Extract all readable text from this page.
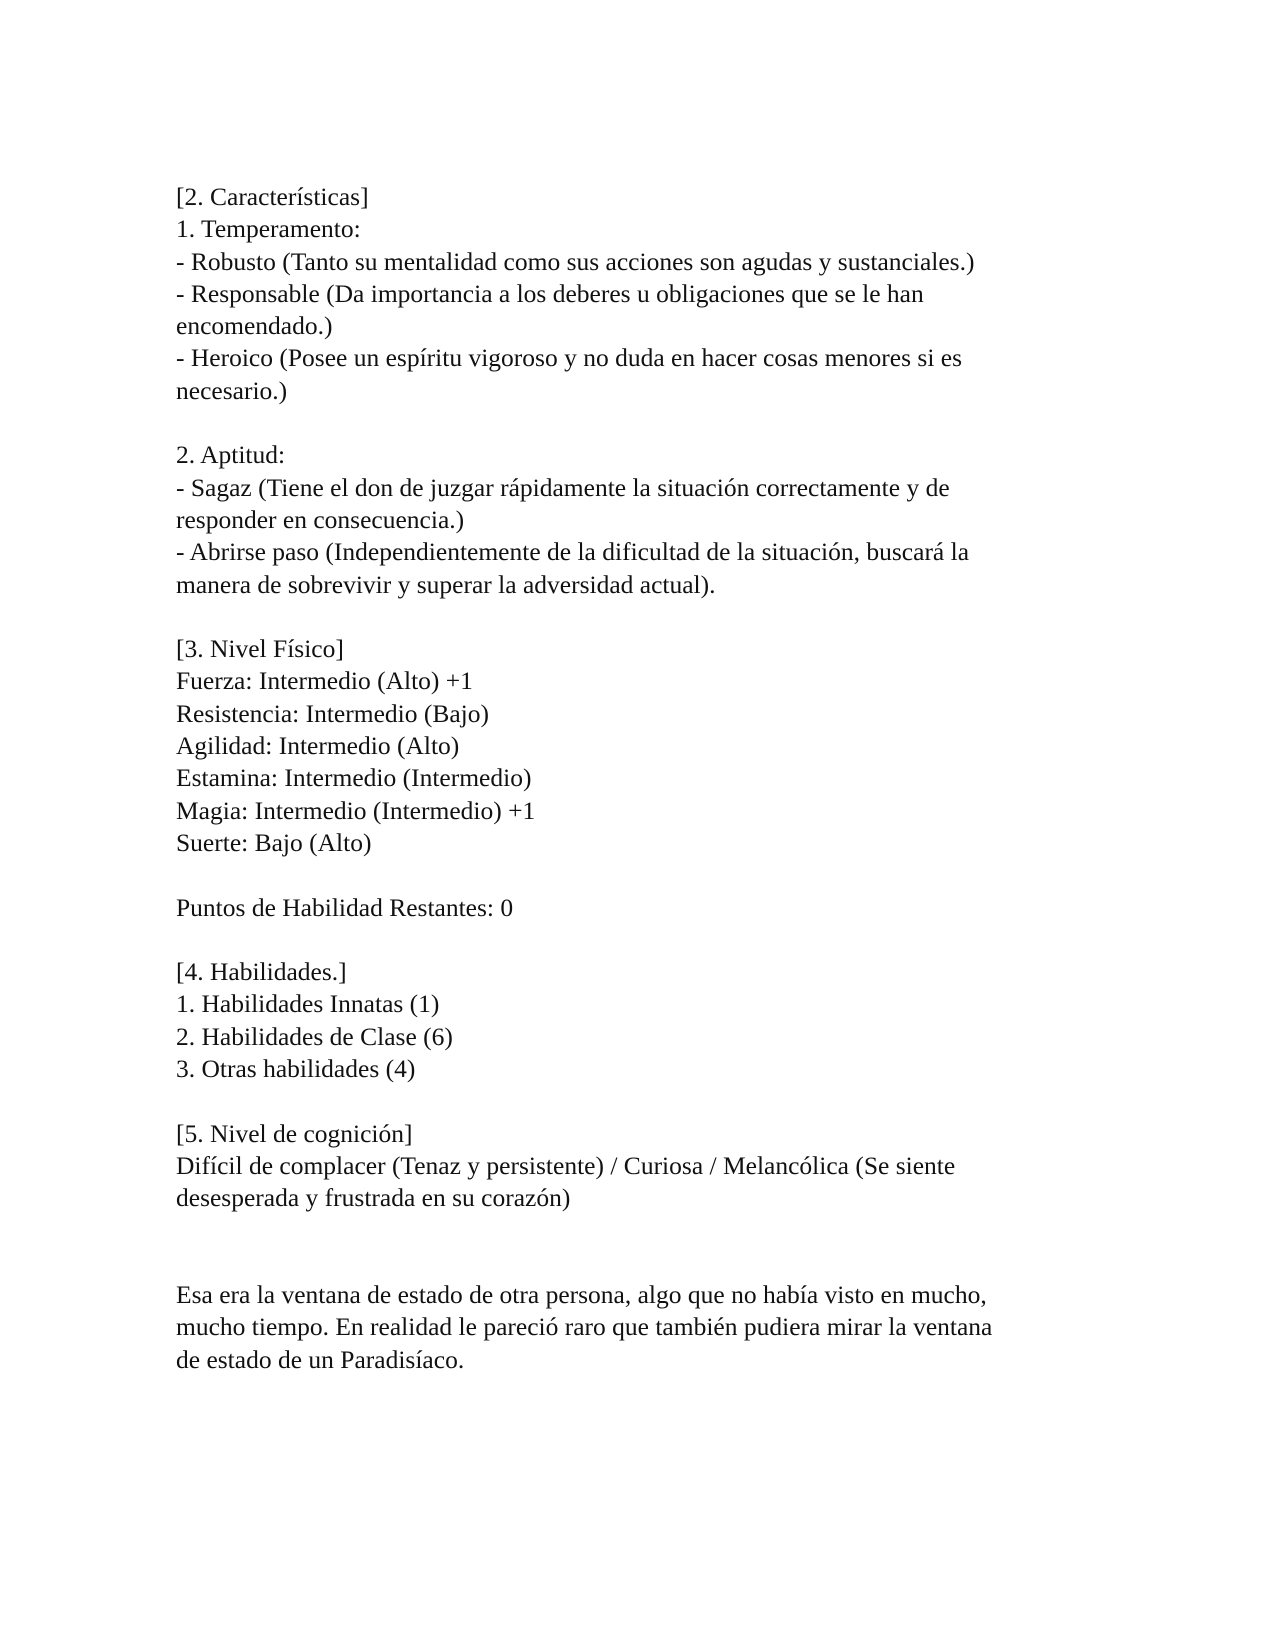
[2. Características]
1. Temperamento:
- Robusto (Tanto su mentalidad como sus acciones son agudas y sustanciales.)
- Responsable (Da importancia a los deberes u obligaciones que se le han
encomendado.)
- Heroico (Posee un espíritu vigoroso y no duda en hacer cosas menores si es
necesario.)
2. Aptitud:
- Sagaz (Tiene el don de juzgar rápidamente la situación correctamente y de
responder en consecuencia.)
- Abrirse paso (Independientemente de la dificultad de la situación, buscará la
manera de sobrevivir y superar la adversidad actual).
[3. Nivel Físico]
Fuerza: Intermedio (Alto) +1
Resistencia: Intermedio (Bajo)
Agilidad: Intermedio (Alto)
Estamina: Intermedio (Intermedio)
Magia: Intermedio (Intermedio) +1
Suerte: Bajo (Alto)
Puntos de Habilidad Restantes: 0
[4. Habilidades.]
1. Habilidades Innatas (1)
2. Habilidades de Clase (6)
3. Otras habilidades (4)
[5. Nivel de cognición]
Difícil de complacer (Tenaz y persistente) / Curiosa / Melancólica (Se siente
desesperada y frustrada en su corazón)
Esa era la ventana de estado de otra persona, algo que no había visto en mucho,
mucho tiempo. En realidad le pareció raro que también pudiera mirar la ventana
de estado de un Paradisíaco.
